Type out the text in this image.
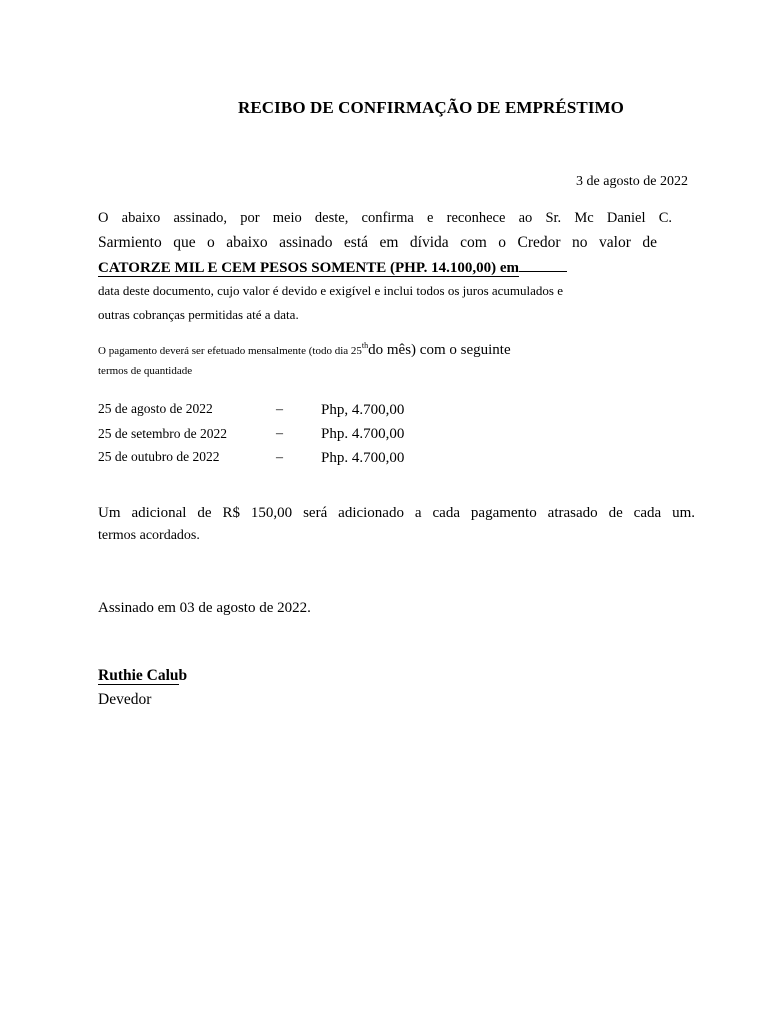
RECIBO DE CONFIRMAÇÃO DE EMPRÉSTIMO
3 de agosto de 2022
O abaixo assinado, por meio deste, confirma e reconhece ao Sr. Mc Daniel C.
Sarmiento que o abaixo assinado está em dívida com o Credor no valor de
CATORZE MIL E CEM PESOS SOMENTE (PHP. 14.100,00) em
data deste documento, cujo valor é devido e exigível e inclui todos os juros acumulados e
outras cobranças permitidas até a data.
O pagamento deverá ser efetuado mensalmente (todo dia 25thdo mês) com o seguinte
termos de quantidade
25 de agosto de 2022	–	Php, 4.700,00
25 de setembro de 2022	–	Php. 4.700,00
25 de outubro de 2022	–	Php. 4.700,00
Um adicional de R$ 150,00 será adicionado a cada pagamento atrasado de cada um.
termos acordados.
Assinado em 03 de agosto de 2022.
Ruthie Calub
Devedor
